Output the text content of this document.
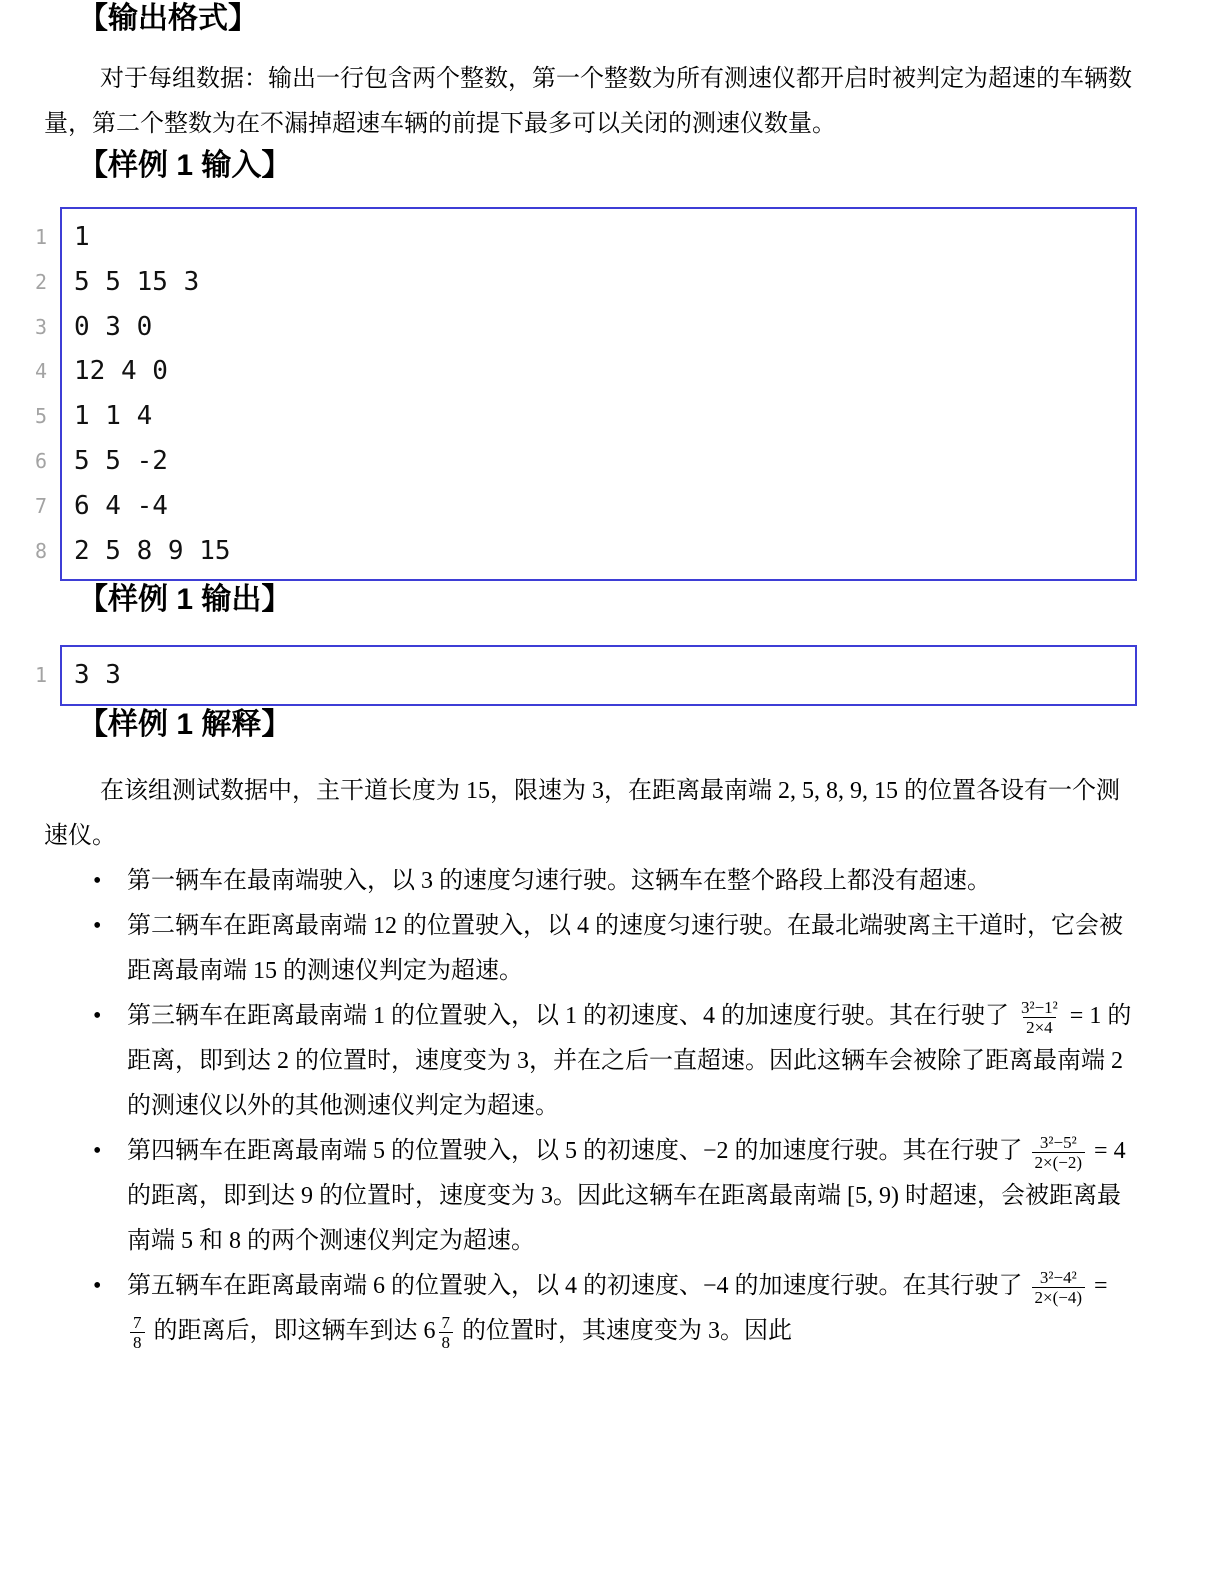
【输出格式】

对于每组数据：输出一行包含两个整数，第一个整数为所有测速仪都开启时被判定为超速的车辆数量，第二个整数为在不漏掉超速车辆的前提下最多可以关闭的测速仪数量。

【样例 1 输入】
1
2
3
4
5
6
7
8
1
5 5 15 3
0 3 0
12 4 0
1 1 4
5 5 -2
6 4 -4
2 5 8 9 15
【样例 1 输出】
1 3 3
【样例 1 解释】

在该组测试数据中，主干道长度为 15，限速为 3，在距离最南端 2, 5, 8, 9, 15 的位置各设有一个测速仪。

• 第一辆车在最南端驶入，以 3 的速度匀速行驶。这辆车在整个路段上都没有超速。
• 第二辆车在距离最南端 12 的位置驶入，以 4 的速度匀速行驶。在最北端驶离主干道时，它会被距离最南端 15 的测速仪判定为超速。
• 第三辆车在距离最南端 1 的位置驶入，以 1 的初速度、4 的加速度行驶。其在行驶了 $\frac{\text{3²−1²}}{2\times 4} = 1$ 的距离，即到达 2 的位置时，速度变为 3，并在之后一直超速。因此这辆车会被除了距离最南端 2 的测速仪以外的其他测速仪判定为超速。
• 第四辆车在距离最南端 5 的位置驶入，以 5 的初速度、−2 的加速度行驶。其在行驶了 $\frac{\text{3²−5²}}{2\times(-2)} = 4$ 的距离，即到达 9 的位置时，速度变为 3。因此这辆车在距离最南端 [5, 9) 时超速，会被距离最南端 5 和 8 的两个测速仪判定为超速。
• 第五辆车在距离最南端 6 的位置驶入，以 4 的初速度、−4 的加速度行驶。在其行驶了 $\frac{\text{3²−4²}}{2\times(-4)}$ =
$\frac{7}{8}$ 的距离后，即这辆车到达 $6 \frac{7}{8}$ 的位置时，其速度变为 3。因此
